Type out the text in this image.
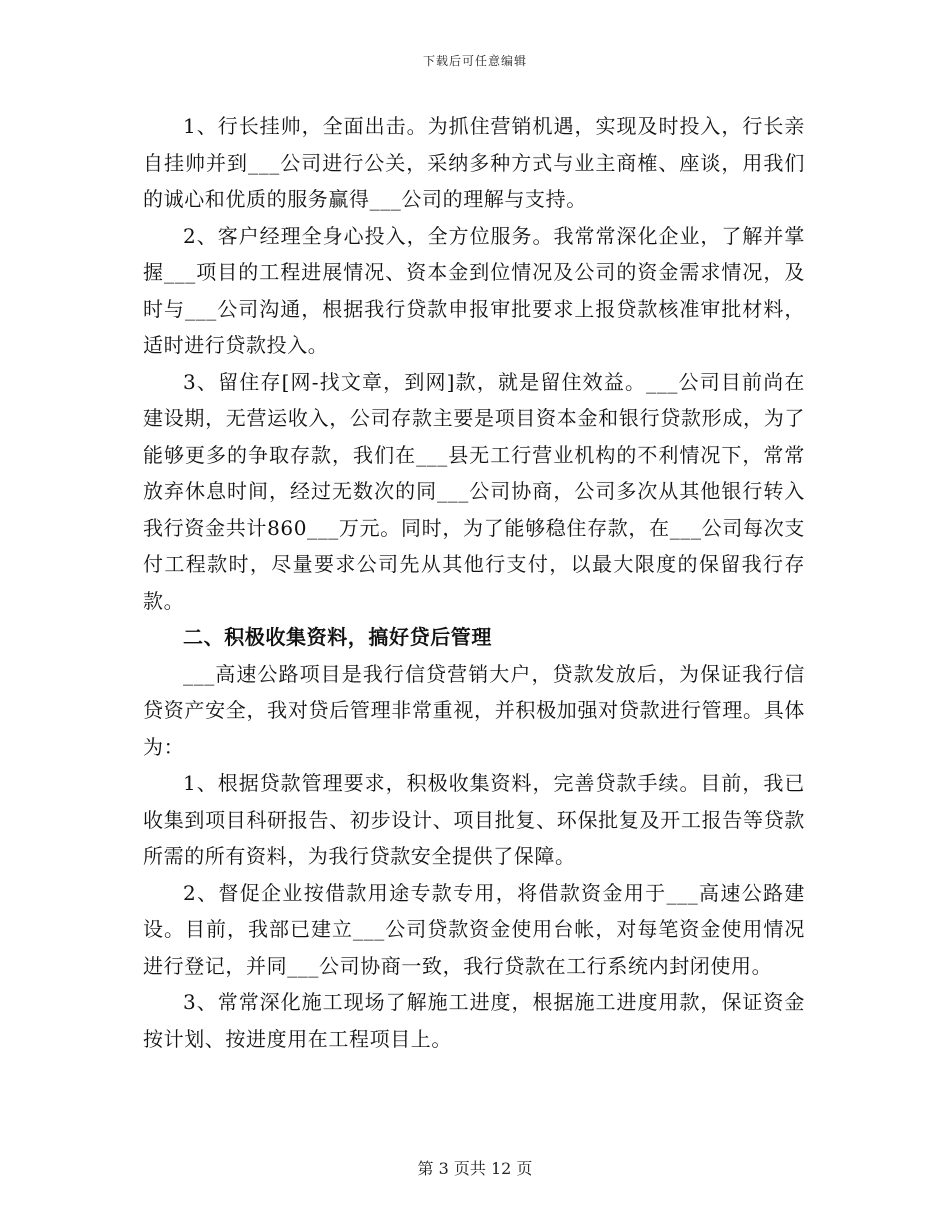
下载后可任意编辑

1、行长挂帅，全面出击。为抓住营销机遇，实现及时投入，行长亲自挂帅并到___公司进行公关，采纳多种方式与业主商榷、座谈，用我们的诚心和优质的服务赢得___公司的理解与支持。

2、客户经理全身心投入，全方位服务。我常常深化企业，了解并掌握___项目的工程进展情况、资本金到位情况及公司的资金需求情况，及时与___公司沟通，根据我行贷款申报审批要求上报贷款核准审批材料，适时进行贷款投入。

3、留住存[网-找文章，到网]款，就是留住效益。___公司目前尚在建设期，无营运收入，公司存款主要是项目资本金和银行贷款形成，为了能够更多的争取存款，我们在___县无工行营业机构的不利情况下，常常放弃休息时间，经过无数次的同___公司协商，公司多次从其他银行转入我行资金共计860___万元。同时，为了能够稳住存款，在___公司每次支付工程款时，尽量要求公司先从其他行支付，以最大限度的保留我行存款。

二、积极收集资料，搞好贷后管理

___高速公路项目是我行信贷营销大户，贷款发放后，为保证我行信贷资产安全，我对贷后管理非常重视，并积极加强对贷款进行管理。具体为：

1、根据贷款管理要求，积极收集资料，完善贷款手续。目前，我已收集到项目科研报告、初步设计、项目批复、环保批复及开工报告等贷款所需的所有资料，为我行贷款安全提供了保障。

2、督促企业按借款用途专款专用，将借款资金用于___高速公路建设。目前，我部已建立___公司贷款资金使用台帐，对每笔资金使用情况进行登记，并同___公司协商一致，我行贷款在工行系统内封闭使用。

3、常常深化施工现场了解施工进度，根据施工进度用款，保证资金按计划、按进度用在工程项目上。

第 3 页共 12 页
